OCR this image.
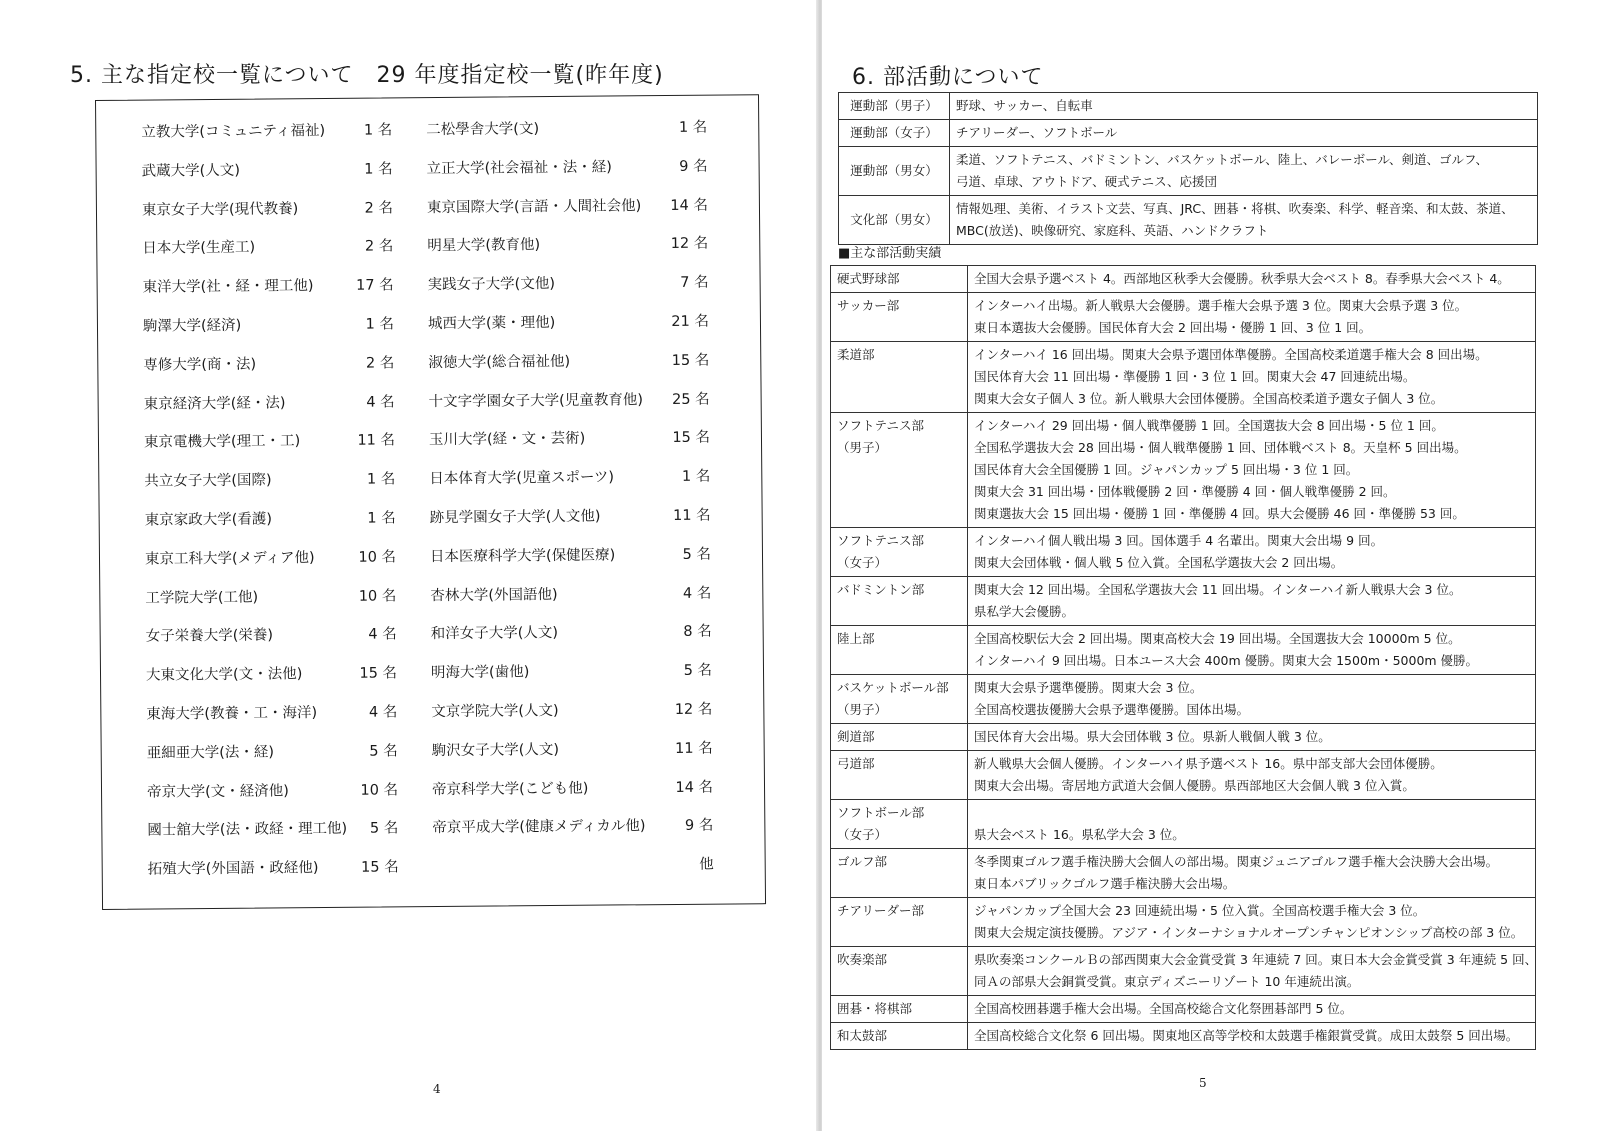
5. 主な指定校一覧について　29 年度指定校一覧(昨年度)
立教大学(コミュニティ福祉)	1 名
武蔵大学(人文)	1 名
東京女子大学(現代教養)	2 名
日本大学(生産工)	2 名
東洋大学(社・経・理工他)	17 名
駒澤大学(経済)	1 名
専修大学(商・法)	2 名
東京経済大学(経・法)	4 名
東京電機大学(理工・工)	11 名
共立女子大学(国際)	1 名
東京家政大学(看護)	1 名
東京工科大学(メディア他)	10 名
工学院大学(工他)	10 名
女子栄養大学(栄養)	4 名
大東文化大学(文・法他)	15 名
東海大学(教養・工・海洋)	4 名
亜細亜大学(法・経)	5 名
帝京大学(文・経済他)	10 名
國士舘大学(法・政経・理工他) 5 名
拓殖大学(外国語・政経他)	15 名
二松學舎大学(文)	1 名
立正大学(社会福祉・法・経)	9 名
東京国際大学(言語・人間社会他) 14 名
明星大学(教育他)	12 名
実践女子大学(文他)	7 名
城西大学(薬・理他)	21 名
淑徳大学(総合福祉他)	15 名
十文字学園女子大学(児童教育他) 25 名
玉川大学(経・文・芸術)	15 名
日本体育大学(児童スポーツ)	1 名
跡見学園女子大学(人文他)	11 名
日本医療科学大学(保健医療)	5 名
杏林大学(外国語他)	4 名
和洋女子大学(人文)	8 名
明海大学(歯他)	5 名
文京学院大学(人文)	12 名
駒沢女子大学(人文)	11 名
帝京科学大学(こども他)	14 名
帝京平成大学(健康メディカル他)	9 名
他
4
6. 部活動について
運動部（男子）	野球、サッカー、自転車

運動部（女子）	チアリーダー、ソフトボール

運動部（男女）	柔道、ソフトテニス、バドミントン、バスケットボール、陸上、バレーボール、剣道、ゴルフ、
弓道、卓球、アウトドア、硬式テニス、応援団

文化部（男女）	情報処理、美術、イラスト文芸、写真、JRC、囲碁・将棋、吹奏楽、科学、軽音楽、和太鼓、茶道、
MBC(放送)、映像研究、家庭科、英語、ハンドクラフト
■主な部活動実績
硬式野球部	全国大会県予選ベスト 4。西部地区秋季大会優勝。秋季県大会ベスト 8。春季県大会ベスト 4。

サッカー部	インターハイ出場。新人戦県大会優勝。選手権大会県予選 3 位。関東大会県予選 3 位。
東日本選抜大会優勝。国民体育大会 2 回出場・優勝 1 回、3 位 1 回。

柔道部	インターハイ 16 回出場。関東大会県予選団体準優勝。全国高校柔道選手権大会 8 回出場。
国民体育大会 11 回出場・準優勝 1 回・3 位 1 回。関東大会 47 回連続出場。
関東大会女子個人 3 位。新人戦県大会団体優勝。全国高校柔道予選女子個人 3 位。

ソフトテニス部
（男子）	インターハイ 29 回出場・個人戦準優勝 1 回。全国選抜大会 8 回出場・5 位 1 回。
全国私学選抜大会 28 回出場・個人戦準優勝 1 回、団体戦ベスト 8。天皇杯 5 回出場。
国民体育大会全国優勝 1 回。ジャパンカップ 5 回出場・3 位 1 回。
関東大会 31 回出場・団体戦優勝 2 回・準優勝 4 回・個人戦準優勝 2 回。
関東選抜大会 15 回出場・優勝 1 回・準優勝 4 回。県大会優勝 46 回・準優勝 53 回。

ソフトテニス部
（女子）	インターハイ個人戦出場 3 回。国体選手 4 名輩出。関東大会出場 9 回。
関東大会団体戦・個人戦 5 位入賞。全国私学選抜大会 2 回出場。

バドミントン部	関東大会 12 回出場。全国私学選抜大会 11 回出場。インターハイ新人戦県大会 3 位。
県私学大会優勝。

陸上部	全国高校駅伝大会 2 回出場。関東高校大会 19 回出場。全国選抜大会 10000m 5 位。
インターハイ 9 回出場。日本ユース大会 400m 優勝。関東大会 1500m・5000m 優勝。

バスケットボール部
（男子）	関東大会県予選準優勝。関東大会 3 位。
全国高校選抜優勝大会県予選準優勝。国体出場。

剣道部	国民体育大会出場。県大会団体戦 3 位。県新人戦個人戦 3 位。

弓道部	新人戦県大会個人優勝。インターハイ県予選ベスト 16。県中部支部大会団体優勝。
関東大会出場。寄居地方武道大会個人優勝。県西部地区大会個人戦 3 位入賞。

ソフトボール部
（女子）	県大会ベスト 16。県私学大会 3 位。

ゴルフ部	冬季関東ゴルフ選手権決勝大会個人の部出場。関東ジュニアゴルフ選手権大会決勝大会出場。
東日本パブリックゴルフ選手権決勝大会出場。

チアリーダー部	ジャパンカップ全国大会 23 回連続出場・5 位入賞。全国高校選手権大会 3 位。
関東大会規定演技優勝。アジア・インターナショナルオープンチャンピオンシップ高校の部 3 位。

吹奏楽部	県吹奏楽コンクールＢの部西関東大会金賞受賞 3 年連続 7 回。東日本大会金賞受賞 3 年連続 5 回、
同Ａの部県大会銅賞受賞。東京ディズニーリゾート 10 年連続出演。

囲碁・将棋部	全国高校囲碁選手権大会出場。全国高校総合文化祭囲碁部門 5 位。

和太鼓部	全国高校総合文化祭 6 回出場。関東地区高等学校和太鼓選手権銀賞受賞。成田太鼓祭 5 回出場。
5
